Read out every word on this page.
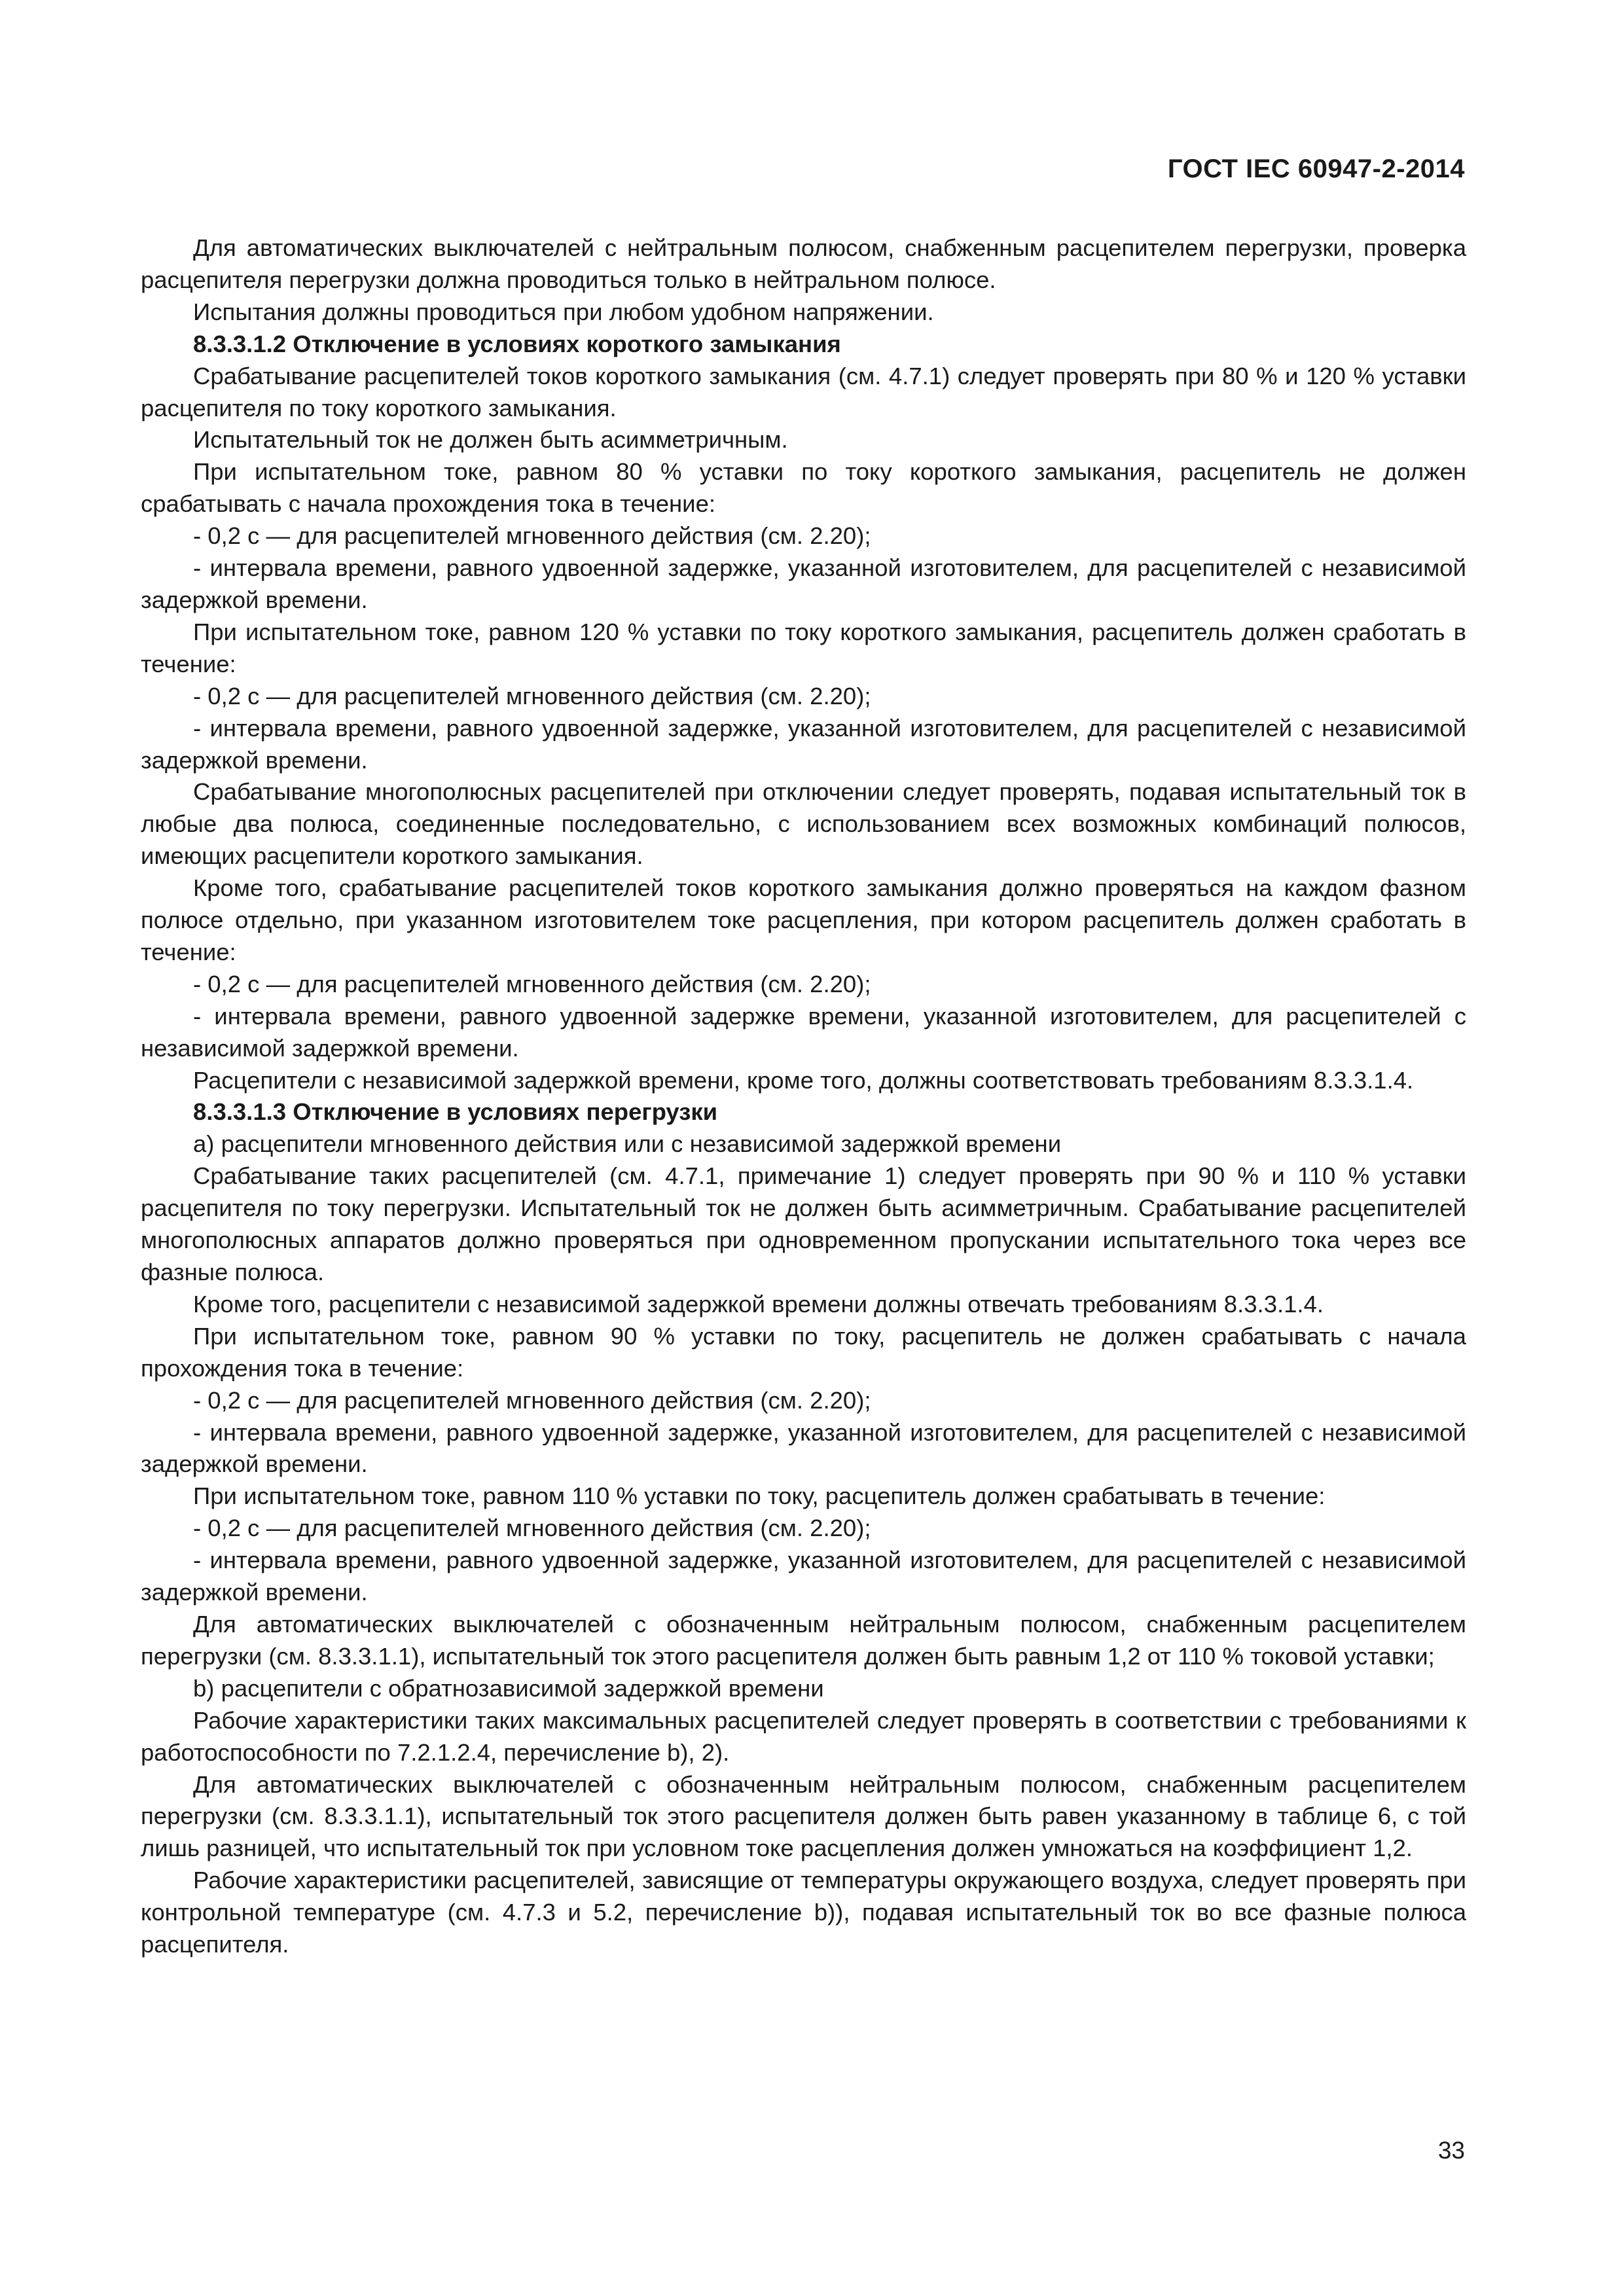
ГОСТ IEC 60947-2-2014

Для автоматических выключателей с нейтральным полюсом, снабженным расцепителем перегрузки, проверка расцепителя перегрузки должна проводиться только в нейтральном полюсе.

Испытания должны проводиться при любом удобном напряжении.

8.3.3.1.2 Отключение в условиях короткого замыкания

Срабатывание расцепителей токов короткого замыкания (см. 4.7.1) следует проверять при 80 % и 120 % уставки расцепителя по току короткого замыкания.

Испытательный ток не должен быть асимметричным.

При испытательном токе, равном 80 % уставки по току короткого замыкания, расцепитель не должен срабатывать с начала прохождения тока в течение:

- 0,2 с — для расцепителей мгновенного действия (см. 2.20);

- интервала времени, равного удвоенной задержке, указанной изготовителем, для расцепителей с независимой задержкой времени.

При испытательном токе, равном 120 % уставки по току короткого замыкания, расцепитель должен сработать в течение:

- 0,2 с — для расцепителей мгновенного действия (см. 2.20);

- интервала времени, равного удвоенной задержке, указанной изготовителем, для расцепителей с независимой задержкой времени.

Срабатывание многополюсных расцепителей при отключении следует проверять, подавая испытательный ток в любые два полюса, соединенные последовательно, с использованием всех возможных комбинаций полюсов, имеющих расцепители короткого замыкания.

Кроме того, срабатывание расцепителей токов короткого замыкания должно проверяться на каждом фазном полюсе отдельно, при указанном изготовителем токе расцепления, при котором расцепитель должен сработать в течение:

- 0,2 с — для расцепителей мгновенного действия (см. 2.20);

- интервала времени, равного удвоенной задержке времени, указанной изготовителем, для расцепителей с независимой задержкой времени.

Расцепители с независимой задержкой времени, кроме того, должны соответствовать требованиям 8.3.3.1.4.

8.3.3.1.3 Отключение в условиях перегрузки

a) расцепители мгновенного действия или с независимой задержкой времени

Срабатывание таких расцепителей (см. 4.7.1, примечание 1) следует проверять при 90 % и 110 % уставки расцепителя по току перегрузки. Испытательный ток не должен быть асимметричным. Срабатывание расцепителей многополюсных аппаратов должно проверяться при одновременном пропускании испытательного тока через все фазные полюса.

Кроме того, расцепители с независимой задержкой времени должны отвечать требованиям 8.3.3.1.4.

При испытательном токе, равном 90 % уставки по току, расцепитель не должен срабатывать с начала прохождения тока в течение:

- 0,2 с — для расцепителей мгновенного действия (см. 2.20);

- интервала времени, равного удвоенной задержке, указанной изготовителем, для расцепителей с независимой задержкой времени.

При испытательном токе, равном 110 % уставки по току, расцепитель должен срабатывать в течение:

- 0,2 с — для расцепителей мгновенного действия (см. 2.20);

- интервала времени, равного удвоенной задержке, указанной изготовителем, для расцепителей с независимой задержкой времени.

Для автоматических выключателей с обозначенным нейтральным полюсом, снабженным расцепителем перегрузки (см. 8.3.3.1.1), испытательный ток этого расцепителя должен быть равным 1,2 от 110 % токовой уставки;

b) расцепители с обратнозависимой задержкой времени

Рабочие характеристики таких максимальных расцепителей следует проверять в соответствии с требованиями к работоспособности по 7.2.1.2.4, перечисление b), 2).

Для автоматических выключателей с обозначенным нейтральным полюсом, снабженным расцепителем перегрузки (см. 8.3.3.1.1), испытательный ток этого расцепителя должен быть равен указанному в таблице 6, с той лишь разницей, что испытательный ток при условном токе расцепления должен умножаться на коэффициент 1,2.

Рабочие характеристики расцепителей, зависящие от температуры окружающего воздуха, следует проверять при контрольной температуре (см. 4.7.3 и 5.2, перечисление b)), подавая испытательный ток во все фазные полюса расцепителя.

33
